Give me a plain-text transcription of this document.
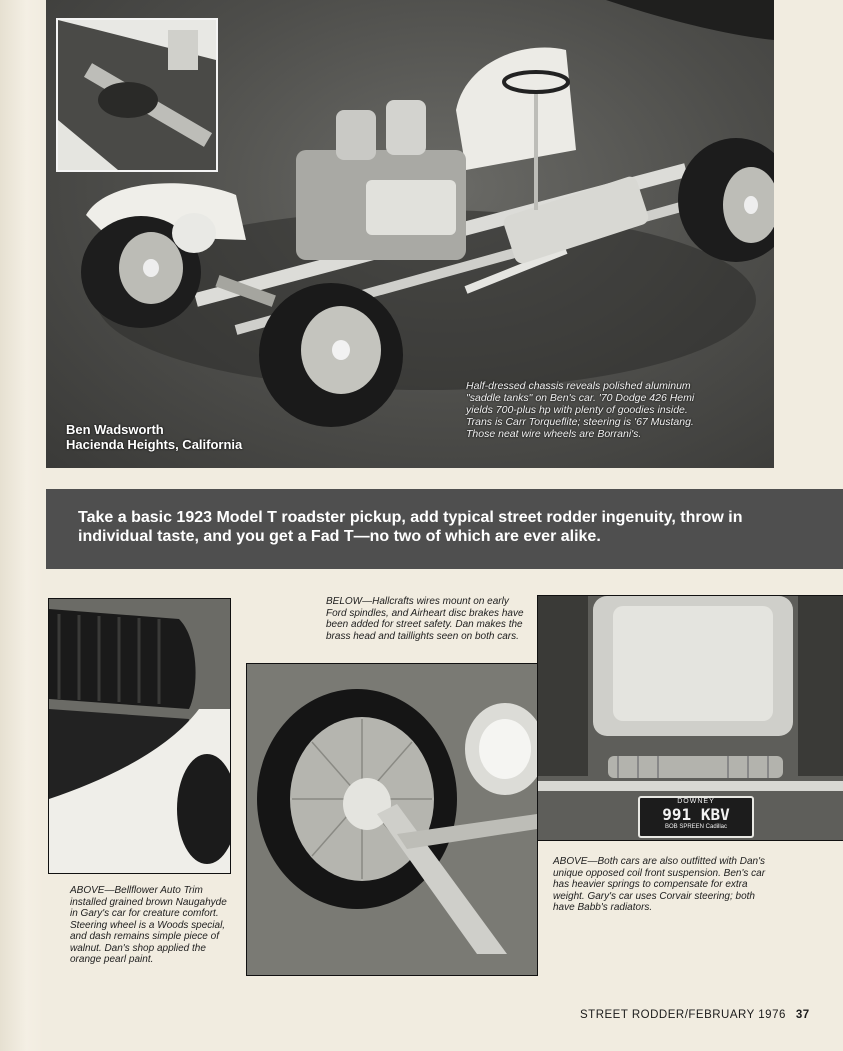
Ben Wadsworth
Hacienda Heights, California
Half-dressed chassis reveals polished aluminum "saddle tanks" on Ben's car. '70 Dodge 426 Hemi yields 700-plus hp with plenty of goodies inside. Trans is Carr Torqueflite; steering is '67 Mustang. Those neat wire wheels are Borrani's.

Take a basic 1923 Model T roadster pickup, add typical street rodder ingenuity, throw in individual taste, and you get a Fad T—no two of which are ever alike.

DOWNEY
991 KBV
BOB SPREEN Cadillac
BELOW—Hallcrafts wires mount on early Ford spindles, and Airheart disc brakes have been added for street safety. Dan makes the brass head and taillights seen on both cars.
ABOVE—Bellflower Auto Trim installed grained brown Naugahyde in Gary's car for creature comfort. Steering wheel is a Woods special, and dash remains simple piece of walnut. Dan's shop applied the orange pearl paint.
ABOVE—Both cars are also outfitted with Dan's unique opposed coil front suspension. Ben's car has heavier springs to compensate for extra weight. Gary's car uses Corvair steering; both have Babb's radiators.
STREET RODDER/FEBRUARY 1976 37
